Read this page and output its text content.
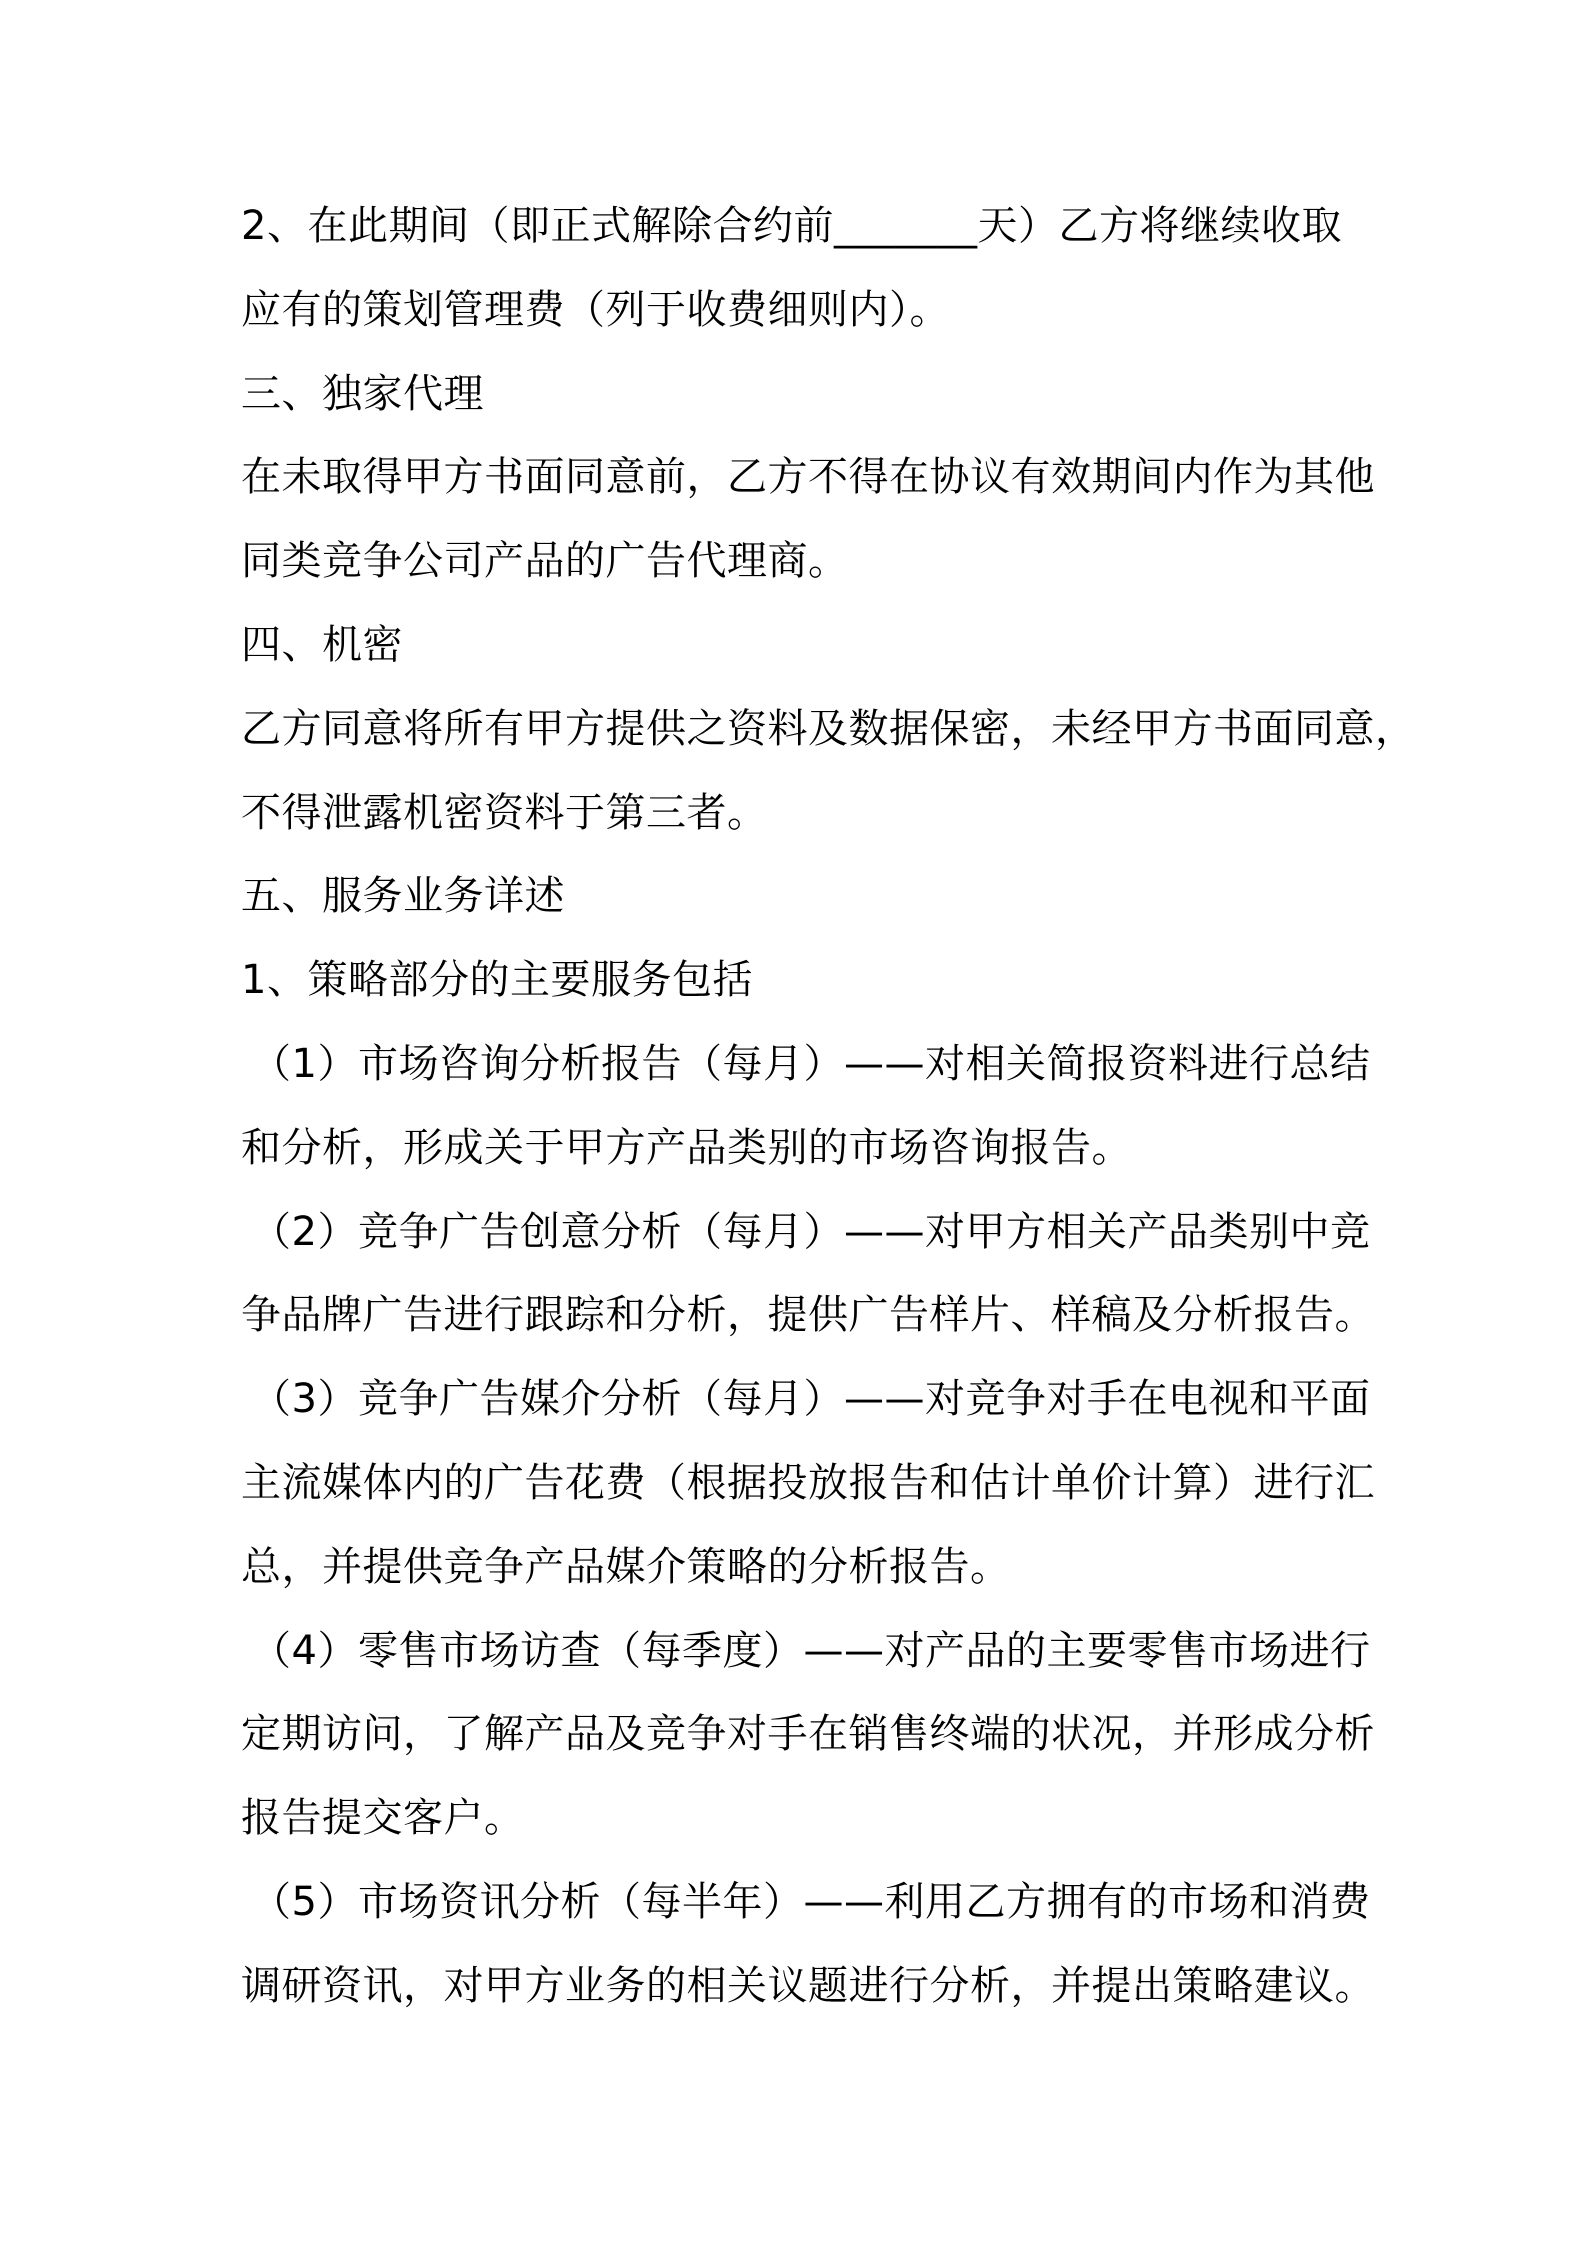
2、在此期间（即正式解除合约前_______天）乙方将继续收取
应有的策划管理费（列于收费细则内）。
三、独家代理
在未取得甲方书面同意前，乙方不得在协议有效期间内作为其他
同类竞争公司产品的广告代理商。
四、机密
乙方同意将所有甲方提供之资料及数据保密，未经甲方书面同意，
不得泄露机密资料于第三者。
五、服务业务详述
1、策略部分的主要服务包括
（1）市场咨询分析报告（每月）——对相关简报资料进行总结
和分析，形成关于甲方产品类别的市场咨询报告。
（2）竞争广告创意分析（每月）——对甲方相关产品类别中竞
争品牌广告进行跟踪和分析，提供广告样片、样稿及分析报告。
（3）竞争广告媒介分析（每月）——对竞争对手在电视和平面
主流媒体内的广告花费（根据投放报告和估计单价计算）进行汇
总，并提供竞争产品媒介策略的分析报告。
（4）零售市场访查（每季度）——对产品的主要零售市场进行
定期访问，了解产品及竞争对手在销售终端的状况，并形成分析
报告提交客户。
（5）市场资讯分析（每半年）——利用乙方拥有的市场和消费
调研资讯，对甲方业务的相关议题进行分析，并提出策略建议。
